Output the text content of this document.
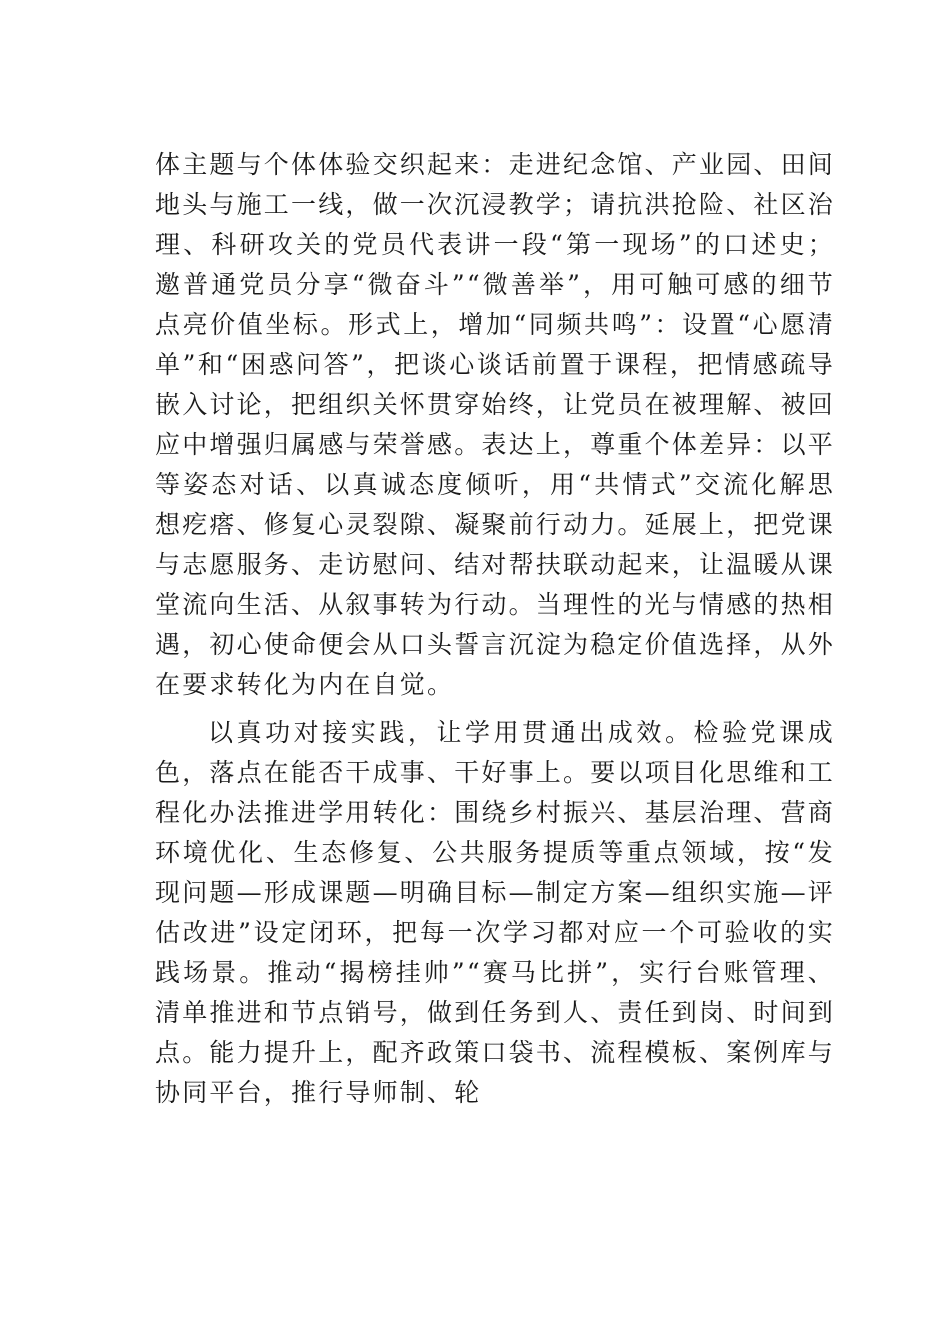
体主题与个体体验交织起来：走进纪念馆、产业园、田间地头与施工一线，做一次沉浸教学；请抗洪抢险、社区治理、科研攻关的党员代表讲一段“第一现场”的口述史；邀普通党员分享“微奋斗”“微善举”，用可触可感的细节点亮价值坐标。形式上，增加“同频共鸣”：设置“心愿清单”和“困惑问答”，把谈心谈话前置于课程，把情感疏导嵌入讨论，把组织关怀贯穿始终，让党员在被理解、被回应中增强归属感与荣誉感。表达上，尊重个体差异：以平等姿态对话、以真诚态度倾听，用“共情式”交流化解思想疙瘩、修复心灵裂隙、凝聚前行动力。延展上，把党课与志愿服务、走访慰问、结对帮扶联动起来，让温暖从课堂流向生活、从叙事转为行动。当理性的光与情感的热相遇，初心使命便会从口头誓言沉淀为稳定价值选择，从外在要求转化为内在自觉。

以真功对接实践，让学用贯通出成效。检验党课成色，落点在能否干成事、干好事上。要以项目化思维和工程化办法推进学用转化：围绕乡村振兴、基层治理、营商环境优化、生态修复、公共服务提质等重点领域，按“发现问题—形成课题—明确目标—制定方案—组织实施—评估改进”设定闭环，把每一次学习都对应一个可验收的实践场景。推动“揭榜挂帅”“赛马比拼”，实行台账管理、清单推进和节点销号，做到任务到人、责任到岗、时间到点。能力提升上，配齐政策口袋书、流程模板、案例库与协同平台，推行导师制、轮
